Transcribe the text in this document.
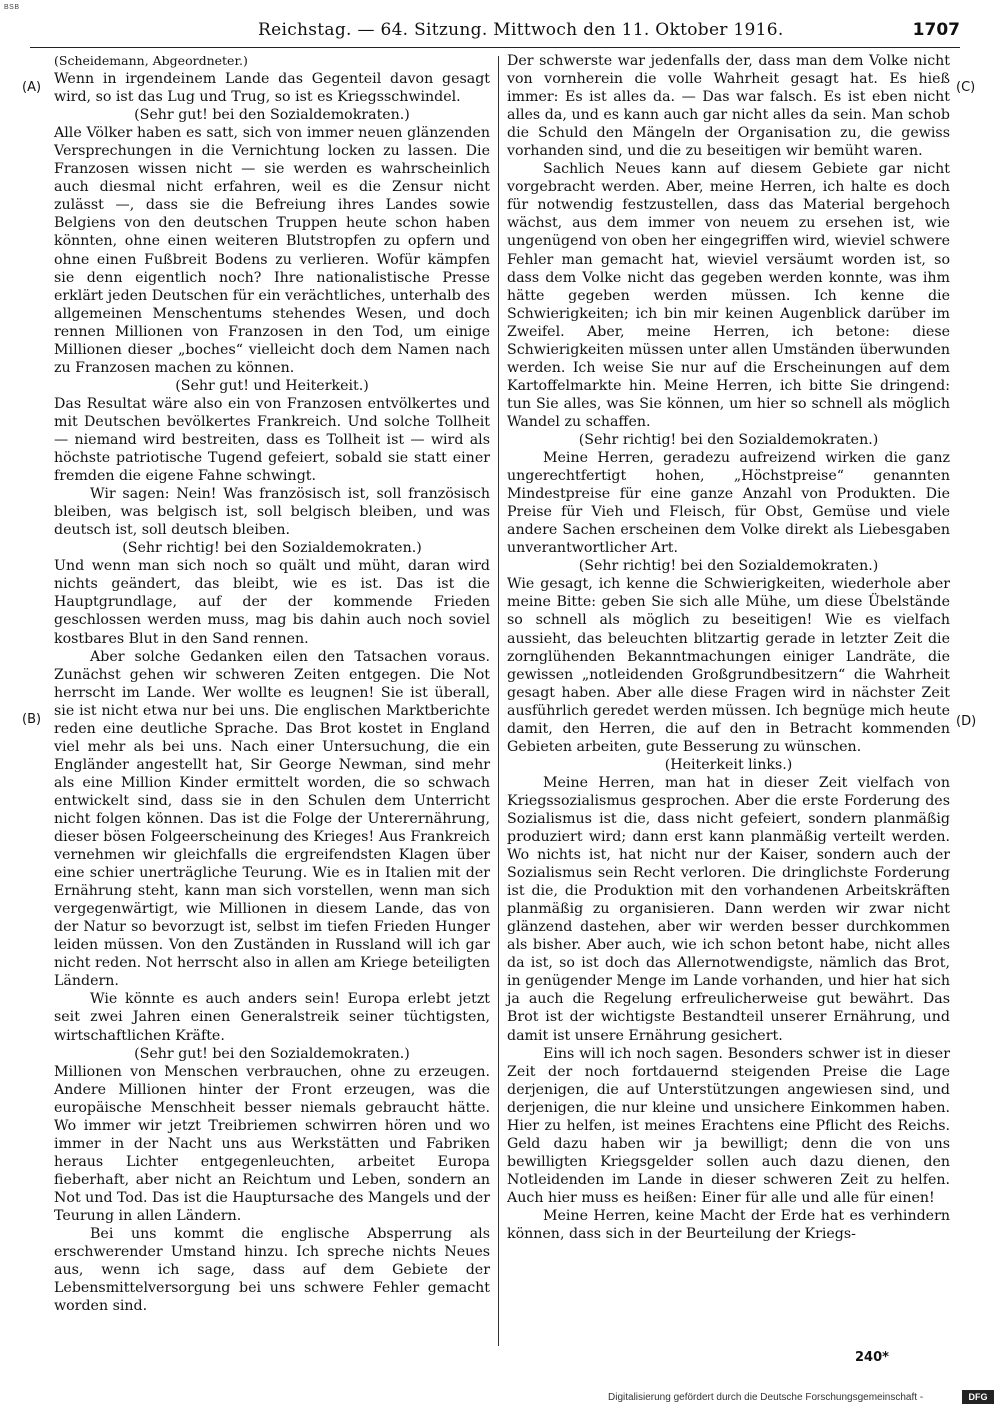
BSB
Reichstag. — 64. Sitzung. Mittwoch den 11. Oktober 1916.	1707
(A)
(B)
(C)
(D)

(Scheidemann, Abgeordneter.)

Wenn in irgendeinem Lande das Gegenteil davon gesagt wird, so ist das Lug und Trug, so ist es Kriegsschwindel.

(Sehr gut! bei den Sozialdemokraten.)

Alle Völker haben es satt, sich von immer neuen glänzenden Versprechungen in die Vernichtung locken zu lassen. Die Franzosen wissen nicht — sie werden es wahrscheinlich auch diesmal nicht erfahren, weil es die Zensur nicht zulässt —, dass sie die Befreiung ihres Landes sowie Belgiens von den deutschen Truppen heute schon haben könnten, ohne einen weiteren Blutstropfen zu opfern und ohne einen Fußbreit Bodens zu verlieren. Wofür kämpfen sie denn eigentlich noch? Ihre nationalistische Presse erklärt jeden Deutschen für ein verächtliches, unterhalb des allgemeinen Menschentums stehendes Wesen, und doch rennen Millionen von Franzosen in den Tod, um einige Millionen dieser „boches“ vielleicht doch dem Namen nach zu Franzosen machen zu können.

(Sehr gut! und Heiterkeit.)

Das Resultat wäre also ein von Franzosen entvölkertes und mit Deutschen bevölkertes Frankreich. Und solche Tollheit — niemand wird bestreiten, dass es Tollheit ist — wird als höchste patriotische Tugend gefeiert, sobald sie statt einer fremden die eigene Fahne schwingt.

Wir sagen: Nein! Was französisch ist, soll französisch bleiben, was belgisch ist, soll belgisch bleiben, und was deutsch ist, soll deutsch bleiben.

(Sehr richtig! bei den Sozialdemokraten.)

Und wenn man sich noch so quält und müht, daran wird nichts geändert, das bleibt, wie es ist. Das ist die Hauptgrundlage, auf der der kommende Frieden geschlossen werden muss, mag bis dahin auch noch soviel kostbares Blut in den Sand rennen.

Aber solche Gedanken eilen den Tatsachen voraus. Zunächst gehen wir schweren Zeiten entgegen. Die Not herrscht im Lande. Wer wollte es leugnen! Sie ist überall, sie ist nicht etwa nur bei uns. Die englischen Marktberichte reden eine deutliche Sprache. Das Brot kostet in England viel mehr als bei uns. Nach einer Untersuchung, die ein Engländer angestellt hat, Sir George Newman, sind mehr als eine Million Kinder ermittelt worden, die so schwach entwickelt sind, dass sie in den Schulen dem Unterricht nicht folgen können. Das ist die Folge der Unterernährung, dieser bösen Folgeerscheinung des Krieges! Aus Frankreich vernehmen wir gleichfalls die ergreifendsten Klagen über eine schier unerträgliche Teurung. Wie es in Italien mit der Ernährung steht, kann man sich vorstellen, wenn man sich vergegenwärtigt, wie Millionen in diesem Lande, das von der Natur so bevorzugt ist, selbst im tiefen Frieden Hunger leiden müssen. Von den Zuständen in Russland will ich gar nicht reden. Not herrscht also in allen am Kriege beteiligten Ländern.

Wie könnte es auch anders sein! Europa erlebt jetzt seit zwei Jahren einen Generalstreik seiner tüchtigsten, wirtschaftlichen Kräfte.

(Sehr gut! bei den Sozialdemokraten.)

Millionen von Menschen verbrauchen, ohne zu erzeugen. Andere Millionen hinter der Front erzeugen, was die europäische Menschheit besser niemals gebraucht hätte. Wo immer wir jetzt Treibriemen schwirren hören und wo immer in der Nacht uns aus Werkstätten und Fabriken heraus Lichter entgegenleuchten, arbeitet Europa fieberhaft, aber nicht an Reichtum und Leben, sondern an Not und Tod. Das ist die Hauptursache des Mangels und der Teurung in allen Ländern.

Bei uns kommt die englische Absperrung als erschwerender Umstand hinzu. Ich spreche nichts Neues aus, wenn ich sage, dass auf dem Gebiete der Lebensmittelversorgung bei uns schwere Fehler gemacht worden sind.

Der schwerste war jedenfalls der, dass man dem Volke nicht von vornherein die volle Wahrheit gesagt hat. Es hieß immer: Es ist alles da. — Das war falsch. Es ist eben nicht alles da, und es kann auch gar nicht alles da sein. Man schob die Schuld den Mängeln der Organisation zu, die gewiss vorhanden sind, und die zu beseitigen wir bemüht waren.

Sachlich Neues kann auf diesem Gebiete gar nicht vorgebracht werden. Aber, meine Herren, ich halte es doch für notwendig festzustellen, dass das Material bergehoch wächst, aus dem immer von neuem zu ersehen ist, wie ungenügend von oben her eingegriffen wird, wieviel schwere Fehler man gemacht hat, wieviel versäumt worden ist, so dass dem Volke nicht das gegeben werden konnte, was ihm hätte gegeben werden müssen. Ich kenne die Schwierigkeiten; ich bin mir keinen Augenblick darüber im Zweifel. Aber, meine Herren, ich betone: diese Schwierigkeiten müssen unter allen Umständen überwunden werden. Ich weise Sie nur auf die Erscheinungen auf dem Kartoffelmarkte hin. Meine Herren, ich bitte Sie dringend: tun Sie alles, was Sie können, um hier so schnell als möglich Wandel zu schaffen.

(Sehr richtig! bei den Sozialdemokraten.)

Meine Herren, geradezu aufreizend wirken die ganz ungerechtfertigt hohen, „Höchstpreise“ genannten Mindestpreise für eine ganze Anzahl von Produkten. Die Preise für Vieh und Fleisch, für Obst, Gemüse und viele andere Sachen erscheinen dem Volke direkt als Liebesgaben unverantwortlicher Art.

(Sehr richtig! bei den Sozialdemokraten.)

Wie gesagt, ich kenne die Schwierigkeiten, wiederhole aber meine Bitte: geben Sie sich alle Mühe, um diese Übelstände so schnell als möglich zu beseitigen! Wie es vielfach aussieht, das beleuchten blitzartig gerade in letzter Zeit die zornglühenden Bekanntmachungen einiger Landräte, die gewissen „notleidenden Großgrundbesitzern“ die Wahrheit gesagt haben. Aber alle diese Fragen wird in nächster Zeit ausführlich geredet werden müssen. Ich begnüge mich heute damit, den Herren, die auf den in Betracht kommenden Gebieten arbeiten, gute Besserung zu wünschen.

(Heiterkeit links.)

Meine Herren, man hat in dieser Zeit vielfach von Kriegssozialismus gesprochen. Aber die erste Forderung des Sozialismus ist die, dass nicht gefeiert, sondern planmäßig produziert wird; dann erst kann planmäßig verteilt werden. Wo nichts ist, hat nicht nur der Kaiser, sondern auch der Sozialismus sein Recht verloren. Die dringlichste Forderung ist die, die Produktion mit den vorhandenen Arbeitskräften planmäßig zu organisieren. Dann werden wir zwar nicht glänzend dastehen, aber wir werden besser durchkommen als bisher. Aber auch, wie ich schon betont habe, nicht alles da ist, so ist doch das Allernotwendigste, nämlich das Brot, in genügender Menge im Lande vorhanden, und hier hat sich ja auch die Regelung erfreulicherweise gut bewährt. Das Brot ist der wichtigste Bestandteil unserer Ernährung, und damit ist unsere Ernährung gesichert.

Eins will ich noch sagen. Besonders schwer ist in dieser Zeit der noch fortdauernd steigenden Preise die Lage derjenigen, die auf Unterstützungen angewiesen sind, und derjenigen, die nur kleine und unsichere Einkommen haben. Hier zu helfen, ist meines Erachtens eine Pflicht des Reichs. Geld dazu haben wir ja bewilligt; denn die von uns bewilligten Kriegsgelder sollen auch dazu dienen, den Notleidenden im Lande in dieser schweren Zeit zu helfen. Auch hier muss es heißen: Einer für alle und alle für einen!

Meine Herren, keine Macht der Erde hat es verhindern können, dass sich in der Beurteilung der Kriegs-

240*
Digitalisierung gefördert durch die Deutsche Forschungsgemeinschaft -	DFG
